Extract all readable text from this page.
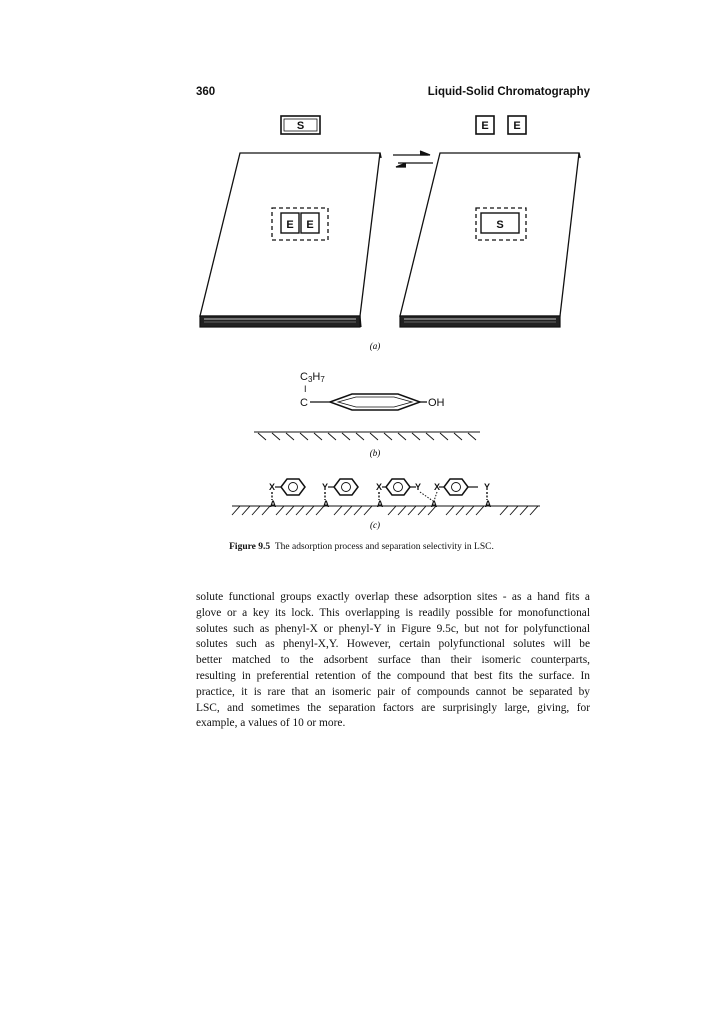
360	Liquid-Solid Chromatography
S	E E
E E	S
(a)
C3H7
I
C	OH
(b)
X	Y	X	Y X	Y
A	A	A	A	A
(c)
Figure 9.5 The adsorption process and separation selectivity in LSC.

solute functional groups exactly overlap these adsorption sites - as a hand fits a
glove or a key its lock. This overlapping is readily possible for monofunctional
solutes such as phenyl-X or phenyl-Y in Figure 9.5c, but not for polyfunctional
solutes such as phenyl-X,Y. However, certain polyfunctional solutes will be
better matched to the adsorbent surface than their isomeric counterparts,
resulting in preferential retention of the compound that best fits the surface. In
practice, it is rare that an isomeric pair of compounds cannot be separated by
LSC, and sometimes the separation factors are surprisingly large, giving, for
example, a values of 10 or more.
